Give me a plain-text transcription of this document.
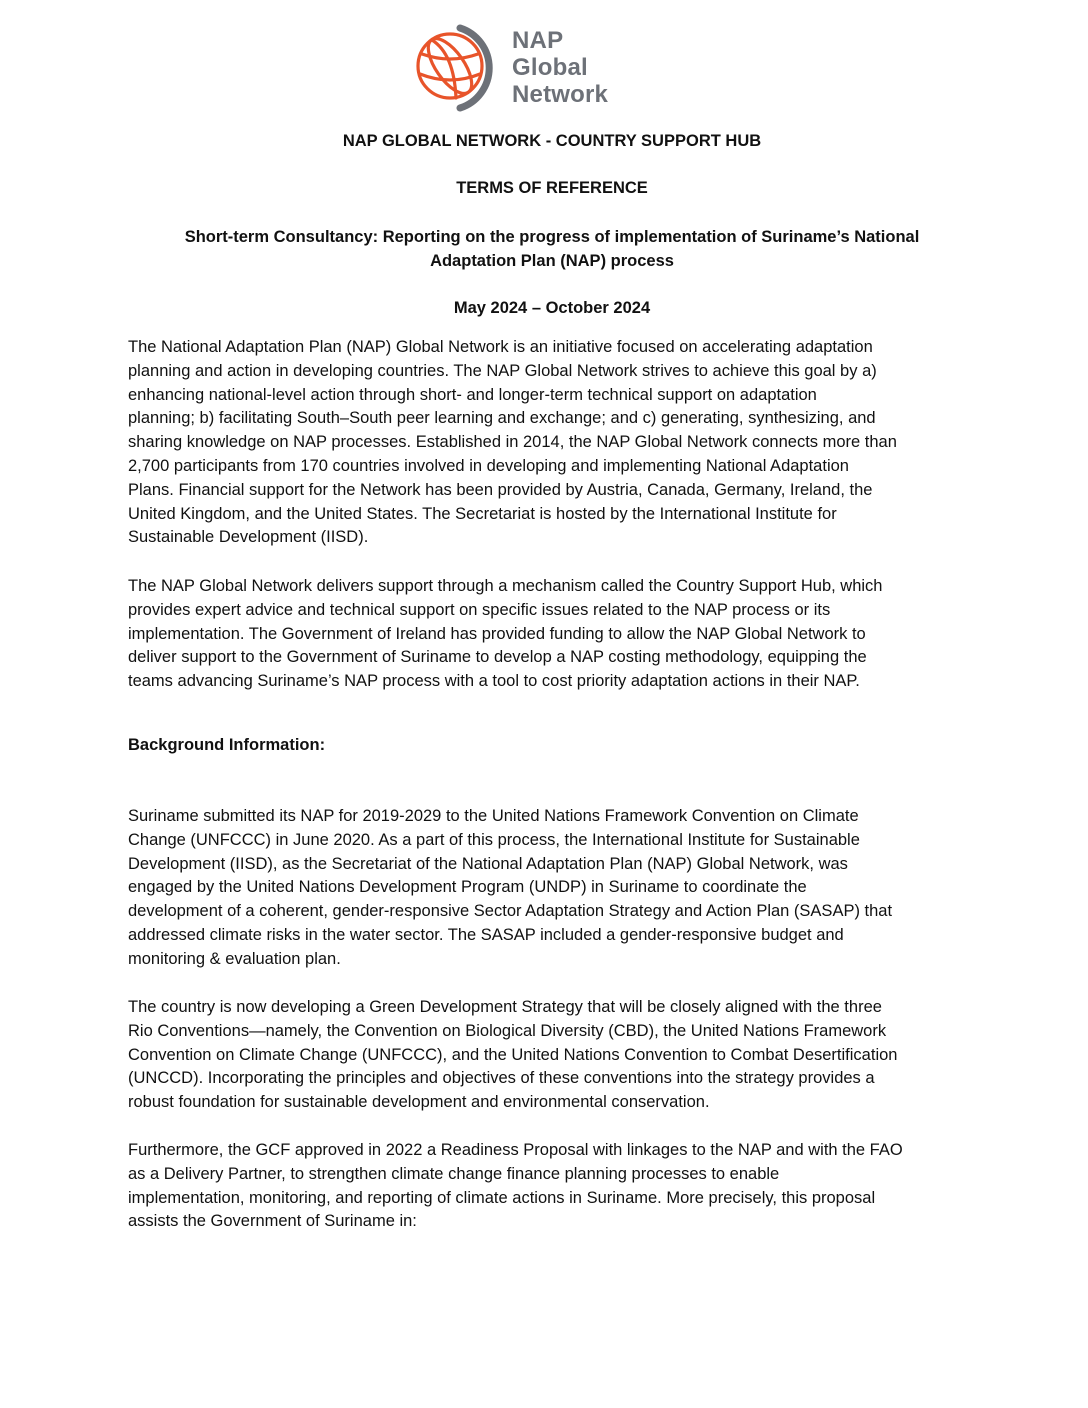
NAP
Global
Network
NAP GLOBAL NETWORK - COUNTRY SUPPORT HUB
TERMS OF REFERENCE
Short-term Consultancy: Reporting on the progress of implementation of Suriname’s National
Adaptation Plan (NAP) process
May 2024 – October 2024
The National Adaptation Plan (NAP) Global Network is an initiative focused on accelerating adaptation
planning and action in developing countries. The NAP Global Network strives to achieve this goal by a)
enhancing national-level action through short- and longer-term technical support on adaptation
planning; b) facilitating South–South peer learning and exchange; and c) generating, synthesizing, and
sharing knowledge on NAP processes. Established in 2014, the NAP Global Network connects more than
2,700 participants from 170 countries involved in developing and implementing National Adaptation
Plans. Financial support for the Network has been provided by Austria, Canada, Germany, Ireland, the
United Kingdom, and the United States. The Secretariat is hosted by the International Institute for
Sustainable Development (IISD).
The NAP Global Network delivers support through a mechanism called the Country Support Hub, which
provides expert advice and technical support on specific issues related to the NAP process or its
implementation. The Government of Ireland has provided funding to allow the NAP Global Network to
deliver support to the Government of Suriname to develop a NAP costing methodology, equipping the
teams advancing Suriname’s NAP process with a tool to cost priority adaptation actions in their NAP.
Background Information:
Suriname submitted its NAP for 2019-2029 to the United Nations Framework Convention on Climate
Change (UNFCCC) in June 2020. As a part of this process, the International Institute for Sustainable
Development (IISD), as the Secretariat of the National Adaptation Plan (NAP) Global Network, was
engaged by the United Nations Development Program (UNDP) in Suriname to coordinate the
development of a coherent, gender-responsive Sector Adaptation Strategy and Action Plan (SASAP) that
addressed climate risks in the water sector. The SASAP included a gender-responsive budget and
monitoring & evaluation plan.
The country is now developing a Green Development Strategy that will be closely aligned with the three
Rio Conventions—namely, the Convention on Biological Diversity (CBD), the United Nations Framework
Convention on Climate Change (UNFCCC), and the United Nations Convention to Combat Desertification
(UNCCD). Incorporating the principles and objectives of these conventions into the strategy provides a
robust foundation for sustainable development and environmental conservation.
Furthermore, the GCF approved in 2022 a Readiness Proposal with linkages to the NAP and with the FAO
as a Delivery Partner, to strengthen climate change finance planning processes to enable
implementation, monitoring, and reporting of climate actions in Suriname. More precisely, this proposal
assists the Government of Suriname in:
